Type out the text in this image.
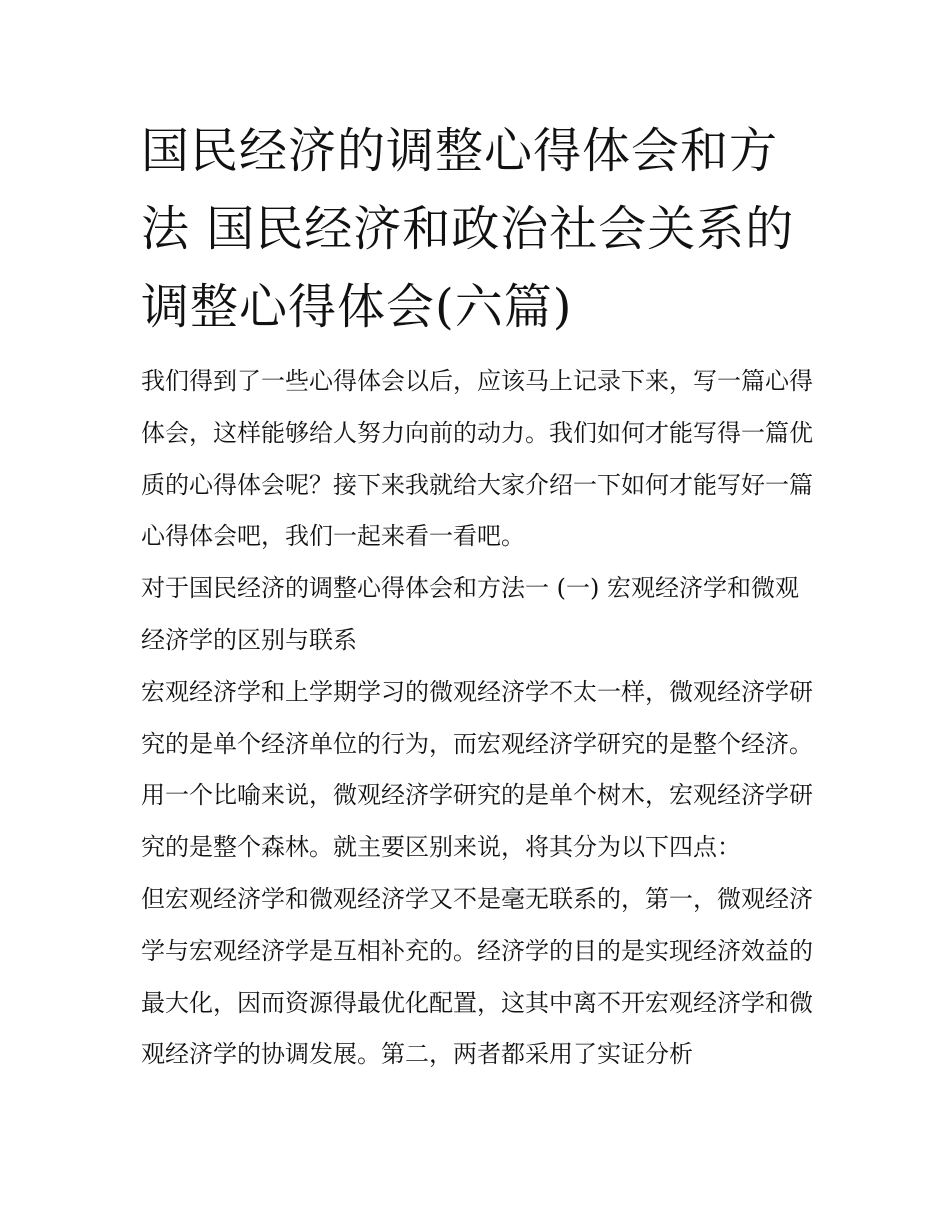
国民经济的调整心得体会和方法 国民经济和政治社会关系的调整心得体会(六篇)

我们得到了一些心得体会以后，应该马上记录下来，写一篇心得体会，这样能够给人努力向前的动力。我们如何才能写得一篇优质的心得体会呢？接下来我就给大家介绍一下如何才能写好一篇心得体会吧，我们一起来看一看吧。

对于国民经济的调整心得体会和方法一 (一) 宏观经济学和微观经济学的区别与联系

宏观经济学和上学期学习的微观经济学不太一样，微观经济学研究的是单个经济单位的行为，而宏观经济学研究的是整个经济。用一个比喻来说，微观经济学研究的是单个树木，宏观经济学研究的是整个森林。就主要区别来说，将其分为以下四点：

但宏观经济学和微观经济学又不是毫无联系的，第一，微观经济学与宏观经济学是互相补充的。经济学的目的是实现经济效益的最大化，因而资源得最优化配置，这其中离不开宏观经济学和微观经济学的协调发展。第二，两者都采用了实证分析
